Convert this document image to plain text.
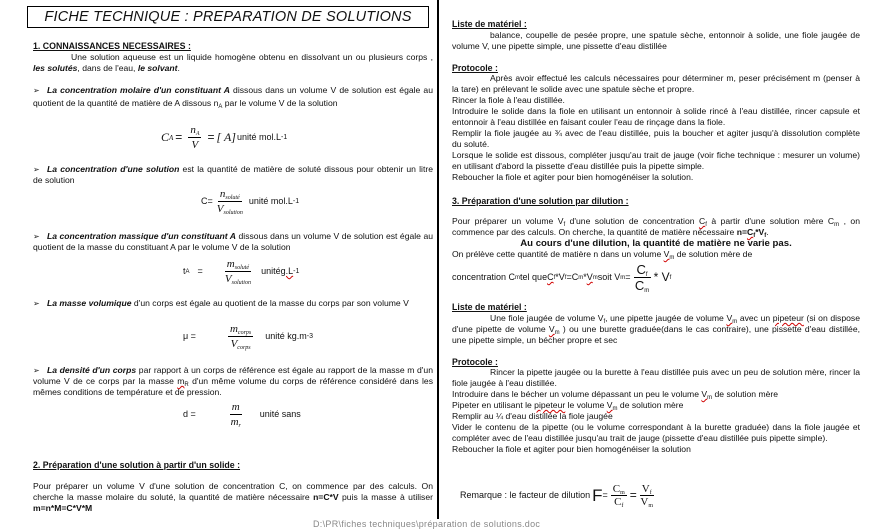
FICHE TECHNIQUE : PREPARATION DE SOLUTIONS
1. CONNAISSANCES NECESSAIRES :
Une solution aqueuse est un liquide homogène obtenu en dissolvant un ou plusieurs corps , les solutés, dans de l'eau, le solvant.
➢ La concentration molaire d'un constituant A dissous dans un volume V de solution est égale au quotient de la quantité de matière de A dissous $n_A$ par le volume V de la solution
C $A = \frac{n_A}{V}$ = [ A] unité mol.L -1
➢ La concentration d'une solution est la quantité de matière de soluté dissous pour obtenir un litre de solution
$C= \frac{n_{soluté}}{V_{solution}}$ unité mol.L -1
➢ La concentration massique d'un constituant A dissous dans un volume V de solution est égale au quotient de la masse du constituant A par le volume V de la solution
t $A = \frac{m_{soluté}}{V_{solution}}$ unité g.L -1
➢ La masse volumique d'un corps est égale au quotient de la masse du corps par son volume V
μ =	$\frac{m_{corps}}{V_{corps}}$ unité kg.m -3
➢ La densité d'un corps par rapport à un corps de référence est égale au rapport de la masse m d'un volume V de ce corps par la masse $m_R$ d'un même volume du corps de référence considéré dans les mêmes conditions de température et de pression.
d =	$\frac{m}{m_r}$ unité sans
2. Préparation d'une solution à partir d'un solide :
Pour préparer un volume V d'une solution de concentration C, on commence par des calculs. On cherche la masse molaire du soluté, la quantité de matière nécessaire n=C*V puis la masse à utiliser m=n*M=C*V*M
Liste de matériel :
balance, coupelle de pesée propre, une spatule sèche, entonnoir à solide, une fiole jaugée de volume V, une pipette simple, une pissette d'eau distillée
Protocole :
Après avoir effectué les calculs nécessaires pour déterminer m, peser précisément m (penser à la tare) en prélevant le solide avec une spatule sèche et propre.
Rincer la fiole à l'eau distillée.
Introduire le solide dans la fiole en utilisant un entonnoir à solide rincé à l'eau distillée, rincer capsule et entonnoir à l'eau distillée en faisant couler l'eau de rinçage dans la fiole.
Remplir la fiole jaugée au ¾ avec de l'eau distillée, puis la boucher et agiter jusqu'à dissolution complète du soluté.
Lorsque le solide est dissous, compléter jusqu'au trait de jauge (voir fiche technique : mesurer un volume) en utilisant d'abord la pissette d'eau distillée puis la pipette simple.
Reboucher la fiole et agiter pour bien homogénéiser la solution.
3. Préparation d'une solution par dilution :
Pour préparer un volume $V_f$ d'une solution de concentration $C_f$ à partir d'une solution mère $C_m$ , on commence par des calculs. On cherche, la quantité de matière nécessaire $n=C_f*V_f$.
Au cours d'une dilution, la quantité de matière ne varie pas.
On prélève cette quantité de matière n dans un volume $V_m$ de solution mère de
concentration C m tel que C f *V f =C m * V m soit V $m = \frac{C_f}{C_m} * V$ f
Liste de matériel :
Une fiole jaugée de volume $V_f$, une pipette jaugée de volume $V_m$ avec un pipeteur (si on dispose d'une pipette de volume $V_m$ ) ou une burette graduée(dans le cas contraire), une pissette d'eau distillée, une pipette simple, un bécher propre et sec
Protocole :
Rincer la pipette jaugée ou la burette à l'eau distillée puis avec un peu de solution mère, rincer la fiole jaugée à l'eau distillée.
Introduire dans le bécher un volume dépassant un peu le volume $V_m$ de solution mère
Pipeter en utilisant le pipeteur le volume $V_m$ de solution mère
Remplir au ¼ d'eau distillée la fiole jaugée
Vider le contenu de la pipette (ou le volume correspondant à la burette graduée) dans la fiole jaugée et compléter avec de l'eau distillée jusqu'au trait de jauge (pissette d'eau distillée puis pipette simple).
Reboucher la fiole et agiter pour bien homogénéiser la solution
Remarque : le facteur de dilution $F = \frac{C_m}{C_f} = \frac{V_f}{V_m}$
D:\PR\fiches techniques\préparation de solutions.doc
